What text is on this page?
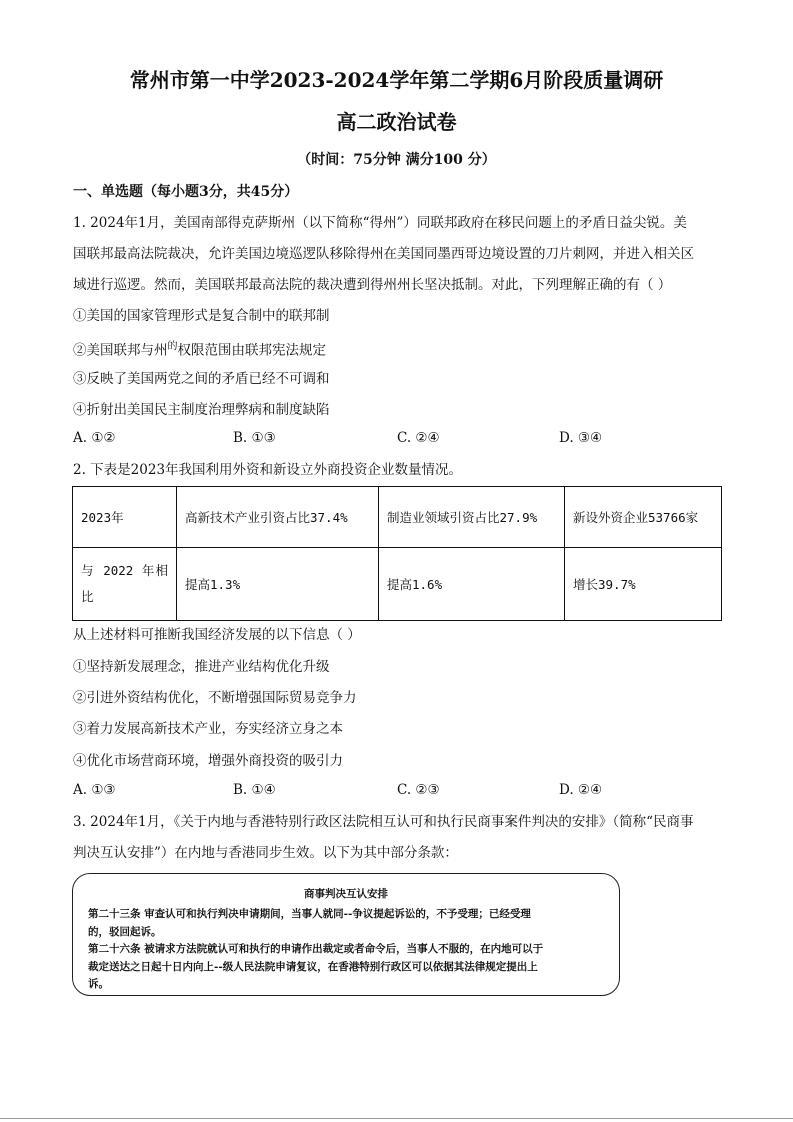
常州市第一中学2023-2024学年第二学期6月阶段质量调研
高二政治试卷
（时间：75分钟 满分100 分）
一、单选题（每小题3分，共45分）
1. 2024年1月，美国南部得克萨斯州（以下简称“得州”）同联邦政府在移民问题上的矛盾日益尖锐。美
国联邦最高法院裁决，允许美国边境巡逻队移除得州在美国同墨西哥边境设置的刀片刺网，并进入相关区
域进行巡逻。然而，美国联邦最高法院的裁决遭到得州州长坚决抵制。对此，下列理解正确的有（ ）
①美国的国家管理形式是复合制中的联邦制
②美国联邦与州$^的$权限范围由联邦宪法规定
③反映了美国两党之间的矛盾已经不可调和
④折射出美国民主制度治理弊病和制度缺陷
A. ①②	B. ①③	C. ②④	D. ③④
2. 下表是2023年我国利用外资和新设立外商投资企业数量情况。
2023年	高新技术产业引资占比37.4%	制造业领域引资占比27.9%	新设外资企业53766家
与 2022 年相比	提高1.3%	提高1.6%	增长39.7%
从上述材料可推断我国经济发展的以下信息（ ）
①坚持新发展理念，推进产业结构优化升级
②引进外资结构优化，不断增强国际贸易竞争力
③着力发展高新技术产业，夯实经济立身之本
④优化市场营商环境，增强外商投资的吸引力
A. ①③	B. ①④	C. ②③	D. ②④
3. 2024年1月，《关于内地与香港特别行政区法院相互认可和执行民商事案件判决的安排》（简称“民商事
判决互认安排”）在内地与香港同步生效。以下为其中部分条款：
商事判决互认安排
第二十三条 审查认可和执行判决申请期间，当事人就同--争议提起诉讼的，不予受理；已经受理
的，驳回起诉。
第二十六条 被请求方法院就认可和执行的申请作出裁定或者命令后，当事人不服的，在内地可以于
裁定送达之日起十日内向上--级人民法院申请复议，在香港特别行政区可以依据其法律规定提出上
诉。
